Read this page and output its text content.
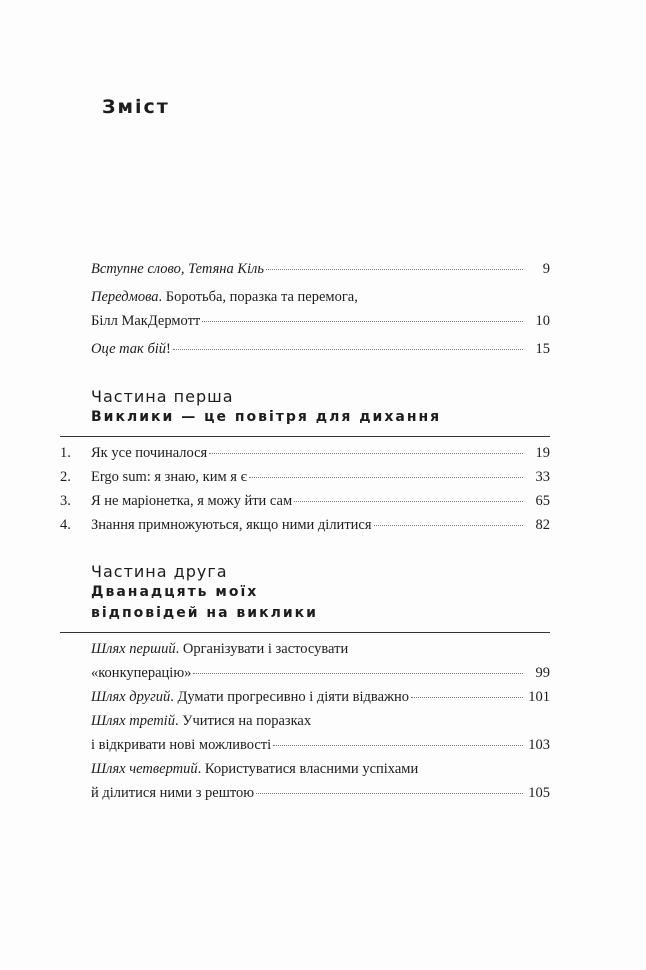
Зміст
Вступне слово, Тетяна Кіль	9
Передмова. Боротьба, поразка та перемога,
Білл МакДермотт	10
Оце так бій!	15
Частина перша
Виклики — це повітря для дихання
1.	Як усе починалося	19
2.	Ergo sum: я знаю, ким я є	33
3.	Я не маріонетка, я можу йти сам	65
4.	Знання примножуються, якщо ними ділитися	82
Частина друга
Дванадцять моїх
відповідей на виклики
Шлях перший. Організувати і застосувати
«конкуперацію»	99
Шлях другий. Думати прогресивно і діяти відважно	101
Шлях третій. Учитися на поразках
і відкривати нові можливості	103
Шлях четвертий. Користуватися власними успіхами
й ділитися ними з рештою	105
